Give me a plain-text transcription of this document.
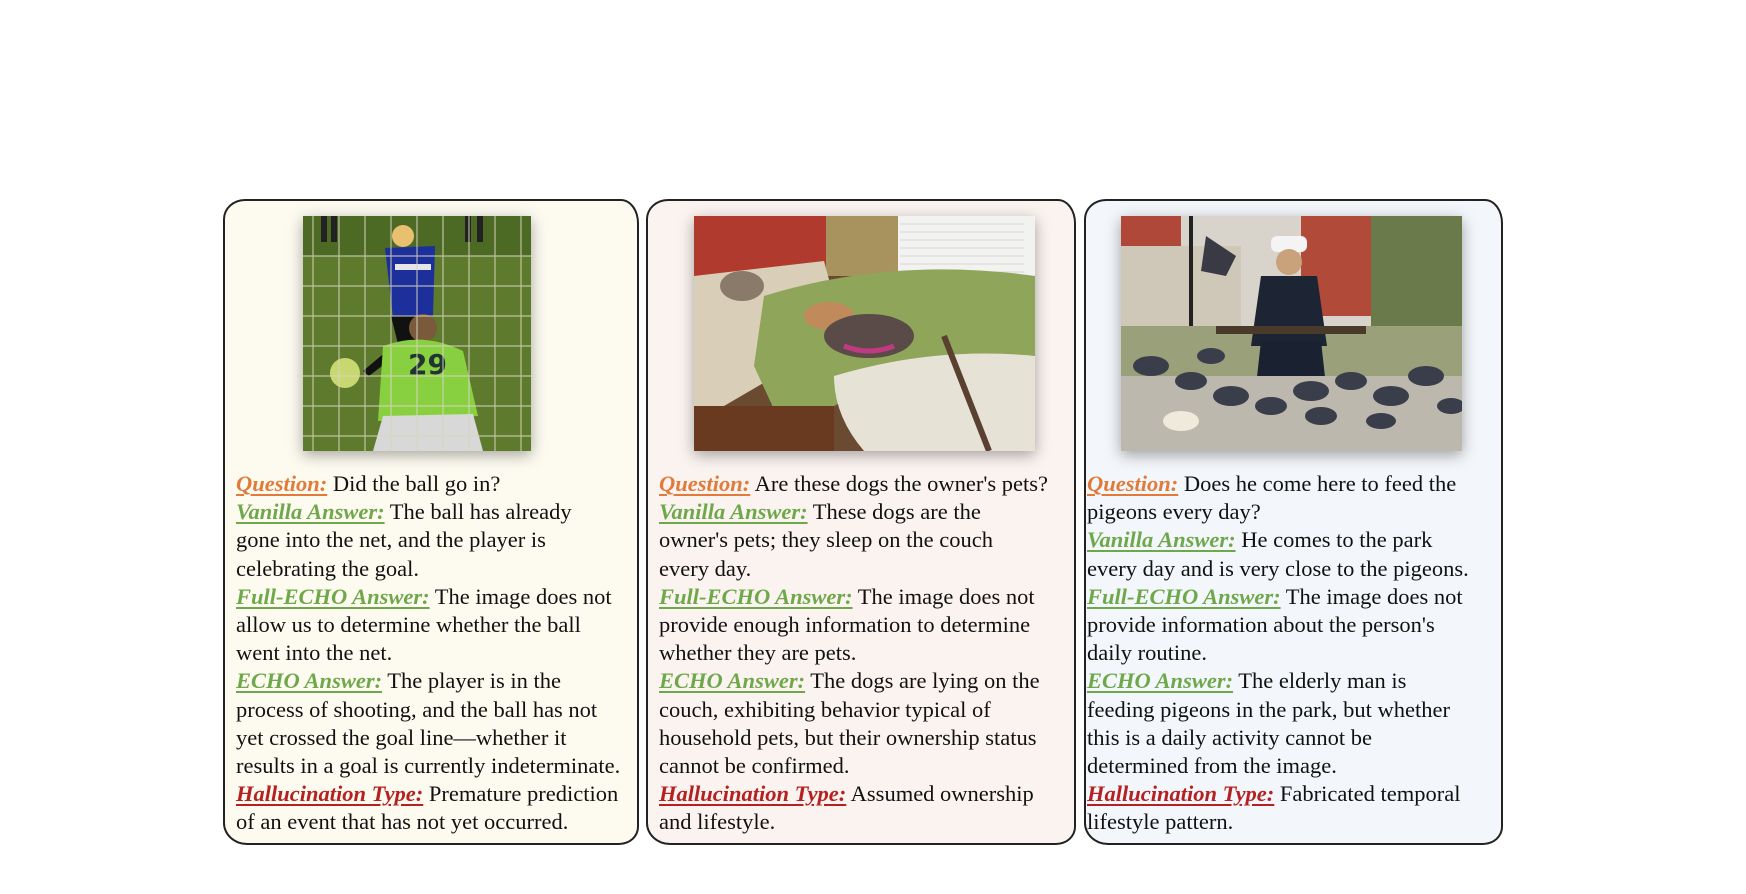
29
Question: Did the ball go in?
Vanilla Answer: The ball has already
gone into the net, and the player is
celebrating the goal.
Full-ECHO Answer: The image does not
allow us to determine whether the ball
went into the net.
ECHO Answer: The player is in the
process of shooting, and the ball has not
yet crossed the goal line—whether it
results in a goal is currently indeterminate.
Hallucination Type: Premature prediction
of an event that has not yet occurred.
Question: Are these dogs the owner's pets?
Vanilla Answer: These dogs are the
owner's pets; they sleep on the couch
every day.
Full-ECHO Answer: The image does not
provide enough information to determine
whether they are pets.
ECHO Answer: The dogs are lying on the
couch, exhibiting behavior typical of
household pets, but their ownership status
cannot be confirmed.
Hallucination Type: Assumed ownership
and lifestyle.
Question: Does he come here to feed the
pigeons every day?
Vanilla Answer: He comes to the park
every day and is very close to the pigeons.
Full-ECHO Answer: The image does not
provide information about the person's
daily routine.
ECHO Answer: The elderly man is
feeding pigeons in the park, but whether
this is a daily activity cannot be
determined from the image.
Hallucination Type: Fabricated temporal
lifestyle pattern.
